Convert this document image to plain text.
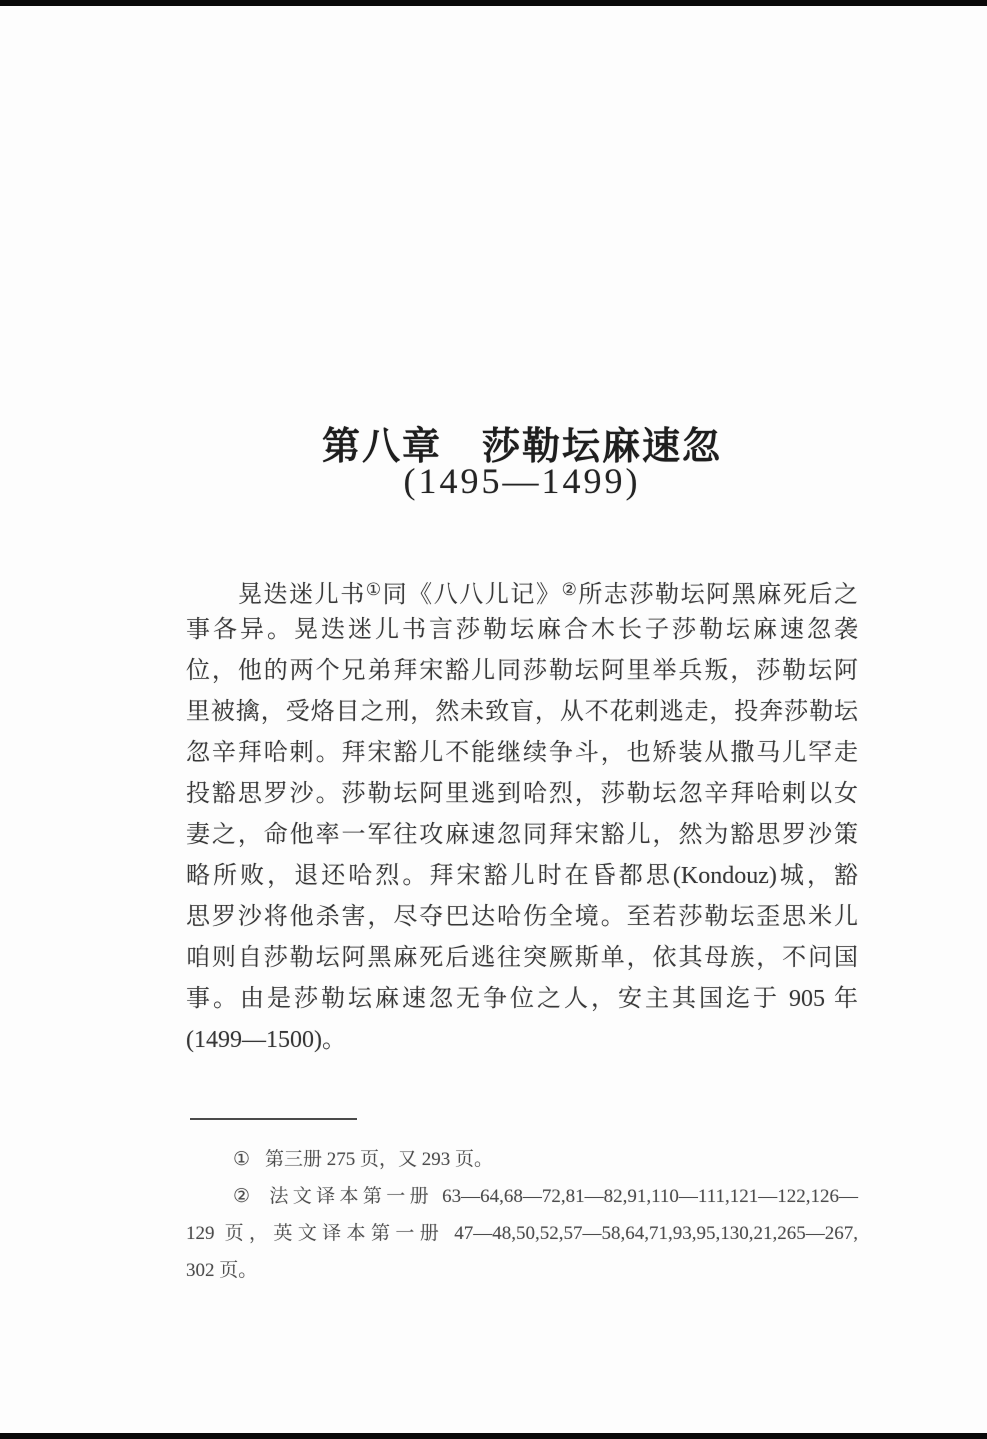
第八章　莎勒坛麻速忽
(1495—1499)
晃迭迷儿书①同《八八儿记》②所志莎勒坛阿黑麻死后之
事各异。晃迭迷儿书言莎勒坛麻合木长子莎勒坛麻速忽袭
位，他的两个兄弟拜宋豁儿同莎勒坛阿里举兵叛，莎勒坛阿
里被擒，受烙目之刑，然未致盲，从不花剌逃走，投奔莎勒坛
忽辛拜哈剌。拜宋豁儿不能继续争斗，也矫装从撒马儿罕走
投豁思罗沙。莎勒坛阿里逃到哈烈，莎勒坛忽辛拜哈剌以女
妻之，命他率一军往攻麻速忽同拜宋豁儿，然为豁思罗沙策
略所败，退还哈烈。拜宋豁儿时在昏都思(Kondouz)城，豁
思罗沙将他杀害，尽夺巴达哈伤全境。至若莎勒坛歪思米儿
咱则自莎勒坛阿黑麻死后逃往突厥斯单，依其母族，不问国
事。由是莎勒坛麻速忽无争位之人，安主其国迄于 905 年
(1499—1500)。
① 第三册 275 页，又 293 页。
② 法文译本第一册 63—64,68—72,81—82,91,110—111,121—122,126—
129 页，英文译本第一册 47—48,50,52,57—58,64,71,93,95,130,21,265—267,
302 页。
